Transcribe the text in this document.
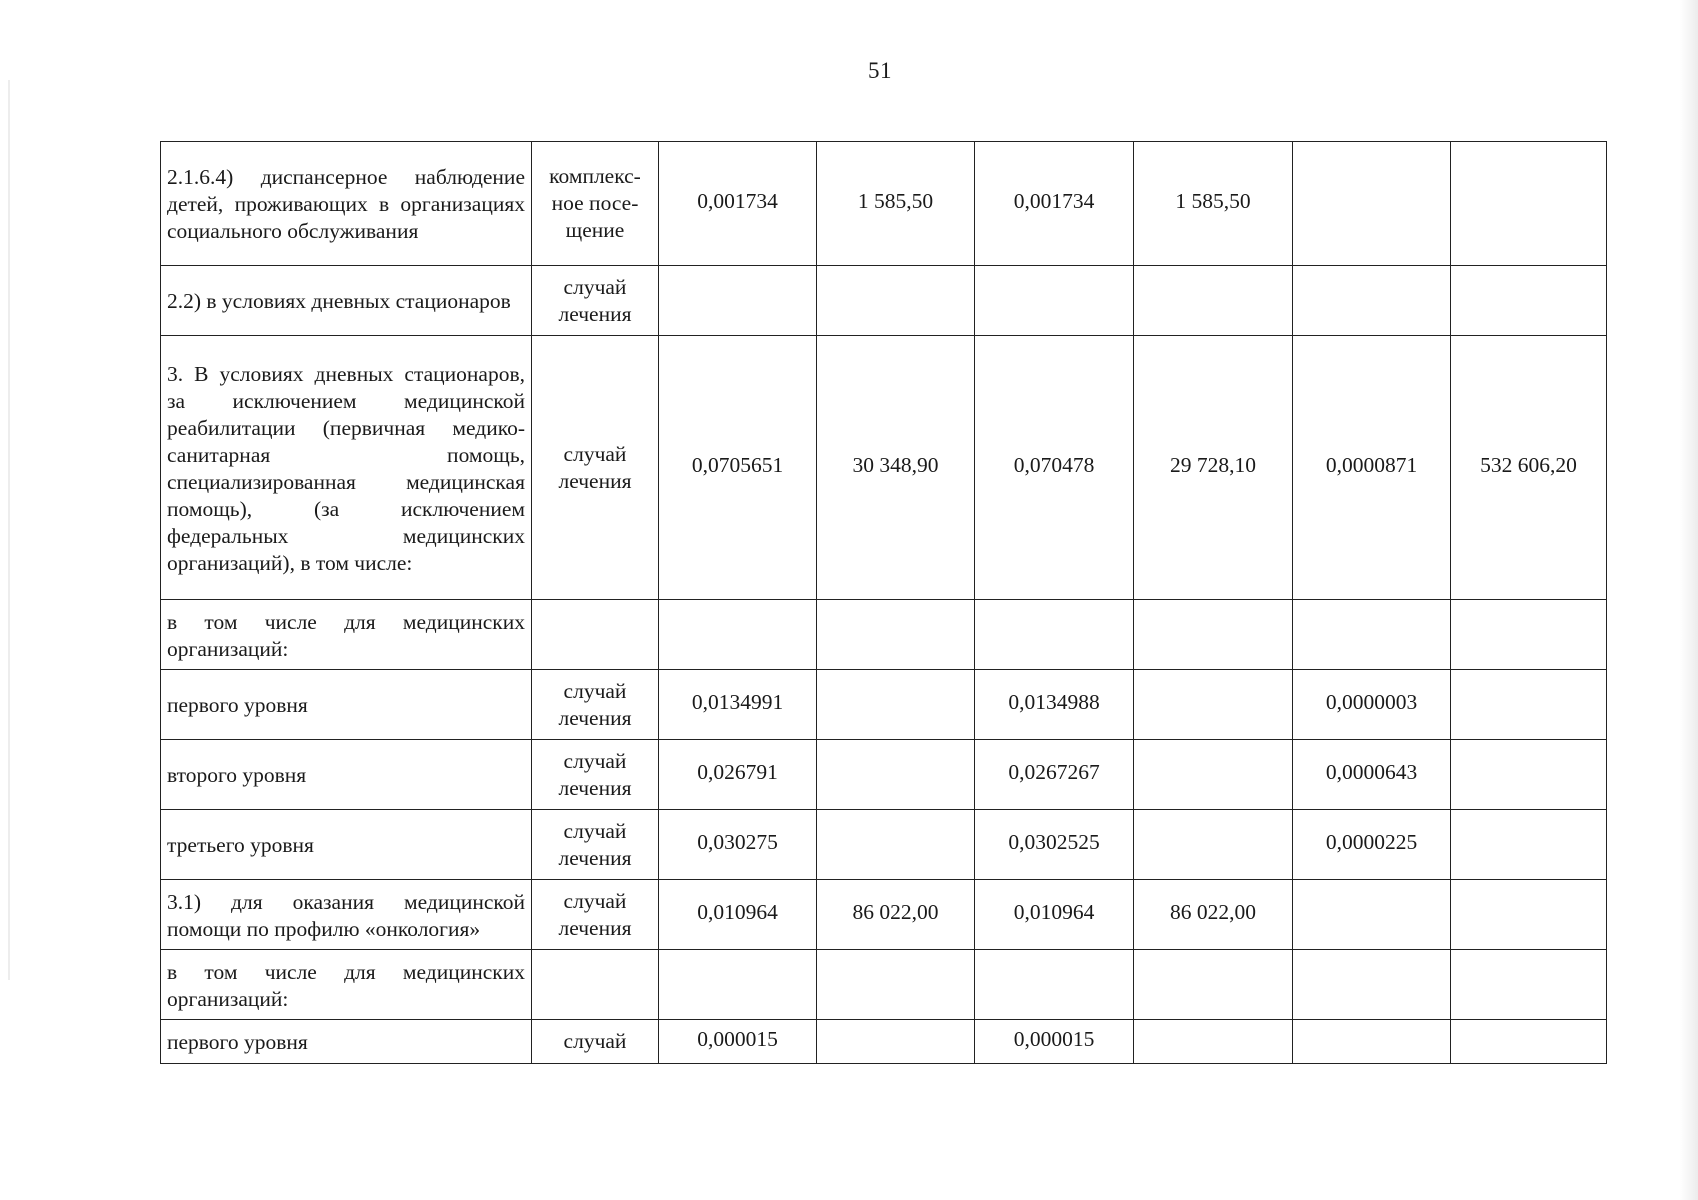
51
2.1.6.4) диспансерное наблюдение детей, проживающих в организациях социального обслуживания	комплекс-ное посе-щение	0,001734	1 585,50	0,001734	1 585,50		
2.2) в условиях дневных стационаров	случай лечения						
3. В условиях дневных стационаров, за исключением медицинской реабилитации (первичная медико-санитарная помощь, специализированная медицинская помощь), (за исключением федеральных медицинских организаций), в том числе:	случай лечения	0,0705651	30 348,90	0,070478	29 728,10	0,0000871	532 606,20
в том числе для медицинских организаций:							
первого уровня	случай лечения	0,0134991		0,0134988		0,0000003	
второго уровня	случай лечения	0,026791		0,0267267		0,0000643	
третьего уровня	случай лечения	0,030275		0,0302525		0,0000225	
3.1) для оказания медицинской помощи по профилю «онкология»	случай лечения	0,010964	86 022,00	0,010964	86 022,00		
в том числе для медицинских организаций:							
первого уровня	случай	0,000015		0,000015			
